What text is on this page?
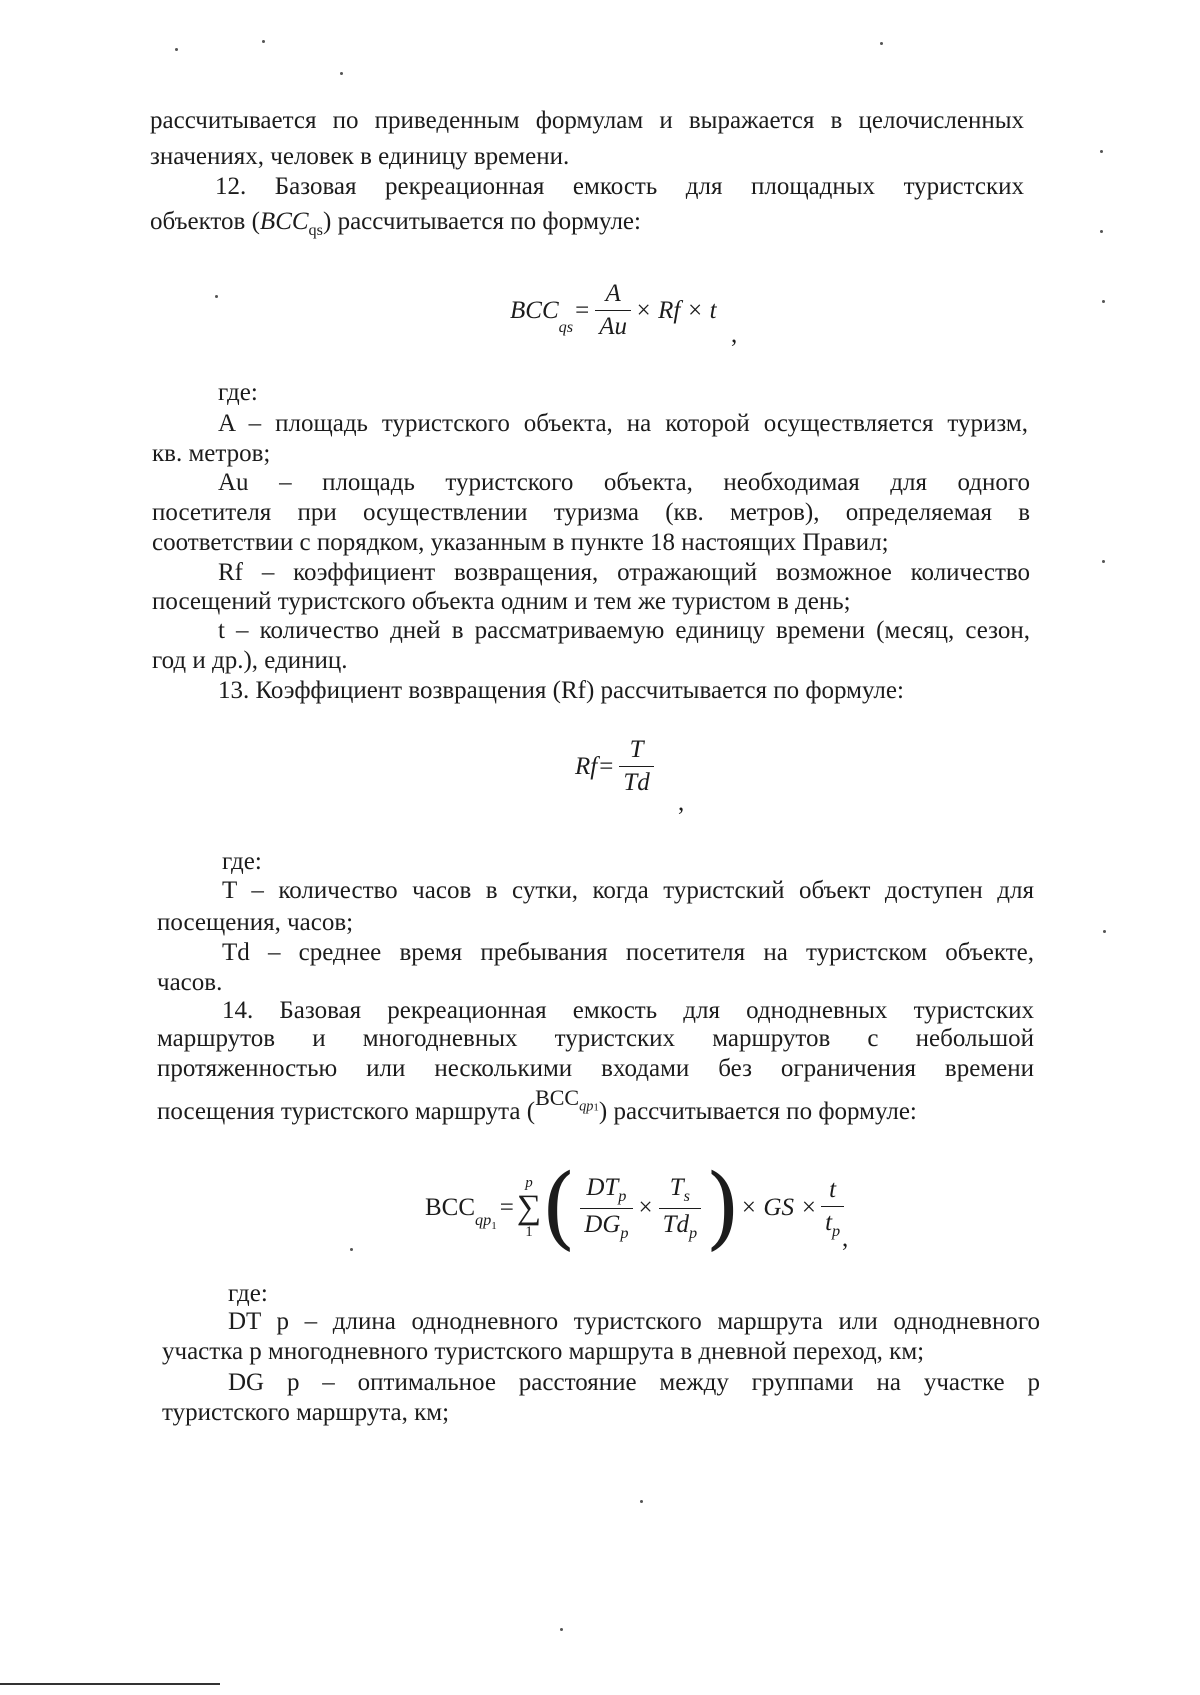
рассчитывается по приведенным формулам и выражается в целочисленных
значениях, человек в единицу времени.
12. Базовая рекреационная емкость для площадных туристских
объектов $(BCC_{qs})$ рассчитывается по формуле:
BCC
$_{qs}$
= $\frac{A}{Au} \times Rf \times t$
,
где:
A – площадь туристского объекта, на которой осуществляется туризм,
кв. метров;
Au – площадь туристского объекта, необходимая для одного
посетителя при осуществлении туризма (кв. метров), определяемая в
соответствии с порядком, указанным в пункте 18 настоящих Правил;
Rf – коэффициент возвращения, отражающий возможное количество
посещений туристского объекта одним и тем же туристом в день;
t – количество дней в рассматриваемую единицу времени (месяц, сезон,
год и др.), единиц.
13. Коэффициент возвращения (Rf) рассчитывается по формуле:
$Rf = \frac{T}{Td}$
,
где:
T – количество часов в сутки, когда туристский объект доступен для
посещения, часов;
Td – среднее время пребывания посетителя на туристском объекте,
часов.
14. Базовая рекреационная емкость для однодневных туристских
маршрутов и многодневных туристских маршрутов с небольшой
протяженностью или несколькими входами без ограничения времени
посещения туристского маршрута $(BCC_{qp1})$ рассчитывается по формуле:
$BCC_{qp1}$
=
p
∑
1 ( $\frac{DT_p}{DG_p} \times \frac{T_s}{Td_p}$ ) × GS × $\frac{t}{t_p}$
,
где:
DT p – длина однодневного туристского маршрута или однодневного
участка p многодневного туристского маршрута в дневной переход, км;
DG p – оптимальное расстояние между группами на участке p
туристского маршрута, км;
